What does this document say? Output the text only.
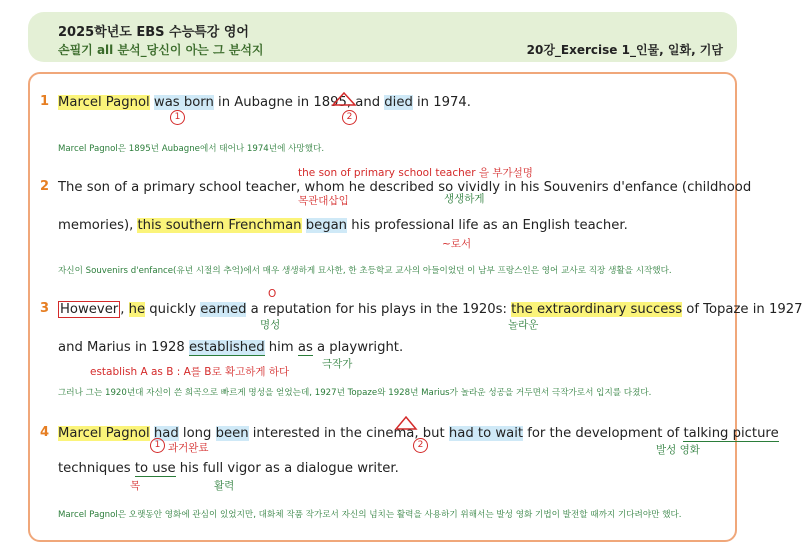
2025학년도 EBS 수능특강 영어
손필기 all 분석_당신이 아는 그 분석지	20강_Exercise 1_인물, 일화, 기담
1 Marcel Pagnol was born in Aubagne in 1895, and died in 1974.
1	2
Marcel Pagnol은 1895년 Aubagne에서 태어나 1974년에 사망했다.
the son of primary school teacher 을 부가설명
2 The son of a primary school teacher, whom he described so vividly in his Souvenirs d'enfance (childhood
목관대삽입	생생하게
memories), this southern Frenchman began his professional life as an English teacher.
~로서
자신이 Souvenirs d'enfance(유년 시절의 추억)에서 매우 생생하게 묘사한, 한 초등학교 교사의 아들이었던 이 남부 프랑스인은 영어 교사로 직장 생활을 시작했다.
O
3 However , he quickly earned a reputation for his plays in the 1920s: the extraordinary success of Topaze in 1927
명성	놀라운
and Marius in 1928 established him as a playwright.
극작가
establish A as B : A를 B로 확고하게 하다
그러나 그는 1920년대 자신이 쓴 희곡으로 빠르게 명성을 얻었는데, 1927년 Topaze와 1928년 Marius가 놀라운 성공을 거두면서 극작가로서 입지를 다졌다.
4 Marcel Pagnol had long been interested in the cinema, but had to wait for the development of talking picture
1 과거완료	2	발성 영화
techniques to use his full vigor as a dialogue writer.
목	활력
Marcel Pagnol은 오랫동안 영화에 관심이 있었지만, 대화체 작품 작가로서 자신의 넘치는 활력을 사용하기 위해서는 발성 영화 기법이 발전할 때까지 기다려야만 했다.
